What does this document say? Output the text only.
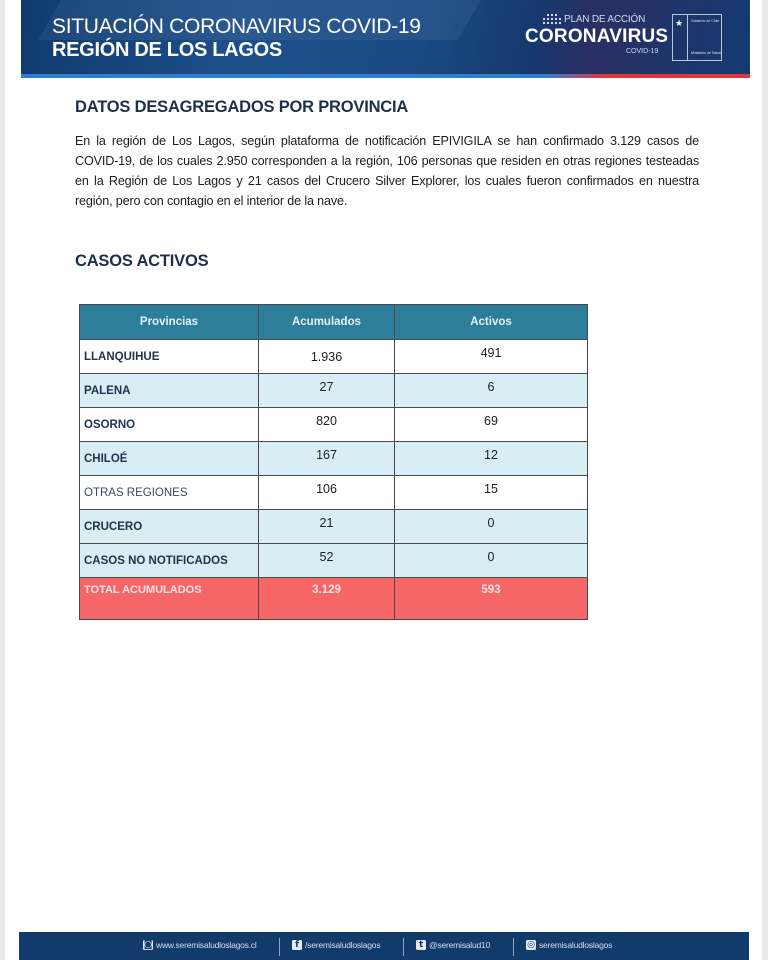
SITUACIÓN CORONAVIRUS COVID-19
REGIÓN DE LOS LAGOS
PLAN DE ACCIÓN
CORONAVIRUS
COVID-19
★ Gobierno de Chile
Ministerio de Salud
DATOS DESAGREGADOS POR PROVINCIA

En la región de Los Lagos, según plataforma de notificación EPIVIGILA se han confirmado 3.129 casos de COVID-19, de los cuales 2.950 corresponden a la región, 106 personas que residen en otras regiones testeadas en la Región de Los Lagos y 21 casos del Crucero Silver Explorer, los cuales fueron confirmados en nuestra región, pero con contagio en el interior de la nave.

CASOS ACTIVOS
Provincias	Acumulados	Activos
LLANQUIHUE	1.936	491
PALENA	27	6
OSORNO	820	69
CHILOÉ	167	12
OTRAS REGIONES	106	15
CRUCERO	21	0
CASOS NO NOTIFICADOS	52	0
TOTAL ACUMULADOS	3.129	593
◙ www.seremisaludloslagos.cl	f /seremisaludloslagos	t @seremisalud10	◎ seremisaludloslagos
